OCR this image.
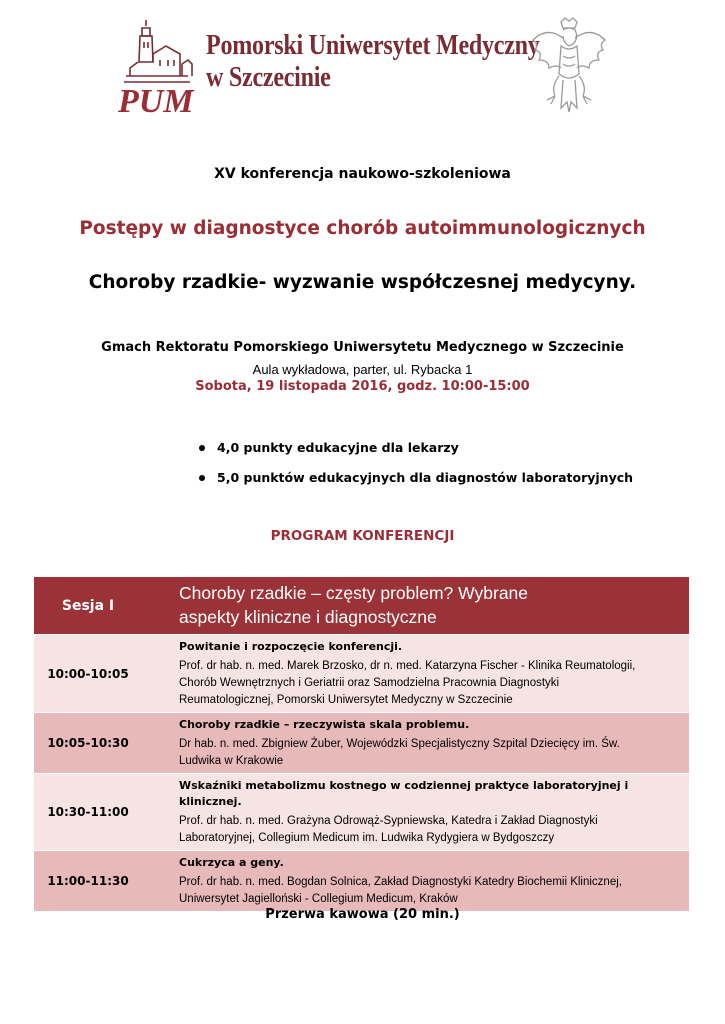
PUM
Pomorski Uniwersytet Medyczny
w Szczecinie
XV konferencja naukowo-szkoleniowa
Postępy w diagnostyce chorób autoimmunologicznych
Choroby rzadkie- wyzwanie współczesnej medycyny.
Gmach Rektoratu Pomorskiego Uniwersytetu Medycznego w Szczecinie
Aula wykładowa, parter, ul. Rybacka 1
Sobota, 19 listopada 2016, godz. 10:00-15:00
4,0 punkty edukacyjne dla lekarzy
5,0 punktów edukacyjnych dla diagnostów laboratoryjnych
PROGRAM KONFERENCJI
Sesja I
Choroby rzadkie – częsty problem? Wybrane
aspekty kliniczne i diagnostyczne
10:00-10:05
Powitanie i rozpoczęcie konferencji.
Prof. dr hab. n. med. Marek Brzosko, dr n. med. Katarzyna Fischer - Klinika Reumatologii,
Chorób Wewnętrznych i Geriatrii oraz Samodzielna Pracownia Diagnostyki
Reumatologicznej, Pomorski Uniwersytet Medyczny w Szczecinie
10:05-10:30
Choroby rzadkie – rzeczywista skala problemu.
Dr hab. n. med. Zbigniew Żuber, Wojewódzki Specjalistyczny Szpital Dziecięcy im. Św.
Ludwika w Krakowie
10:30-11:00
Wskaźniki metabolizmu kostnego w codziennej praktyce laboratoryjnej i klinicznej.
Prof. dr hab. n. med. Grażyna Odrowąż-Sypniewska, Katedra i Zakład Diagnostyki
Laboratoryjnej, Collegium Medicum im. Ludwika Rydygiera w Bydgoszczy
11:00-11:30
Cukrzyca a geny.
Prof. dr hab. n. med. Bogdan Solnica, Zakład Diagnostyki Katedry Biochemii Klinicznej,
Uniwersytet Jagielloński - Collegium Medicum, Kraków
Przerwa kawowa (20 min.)
